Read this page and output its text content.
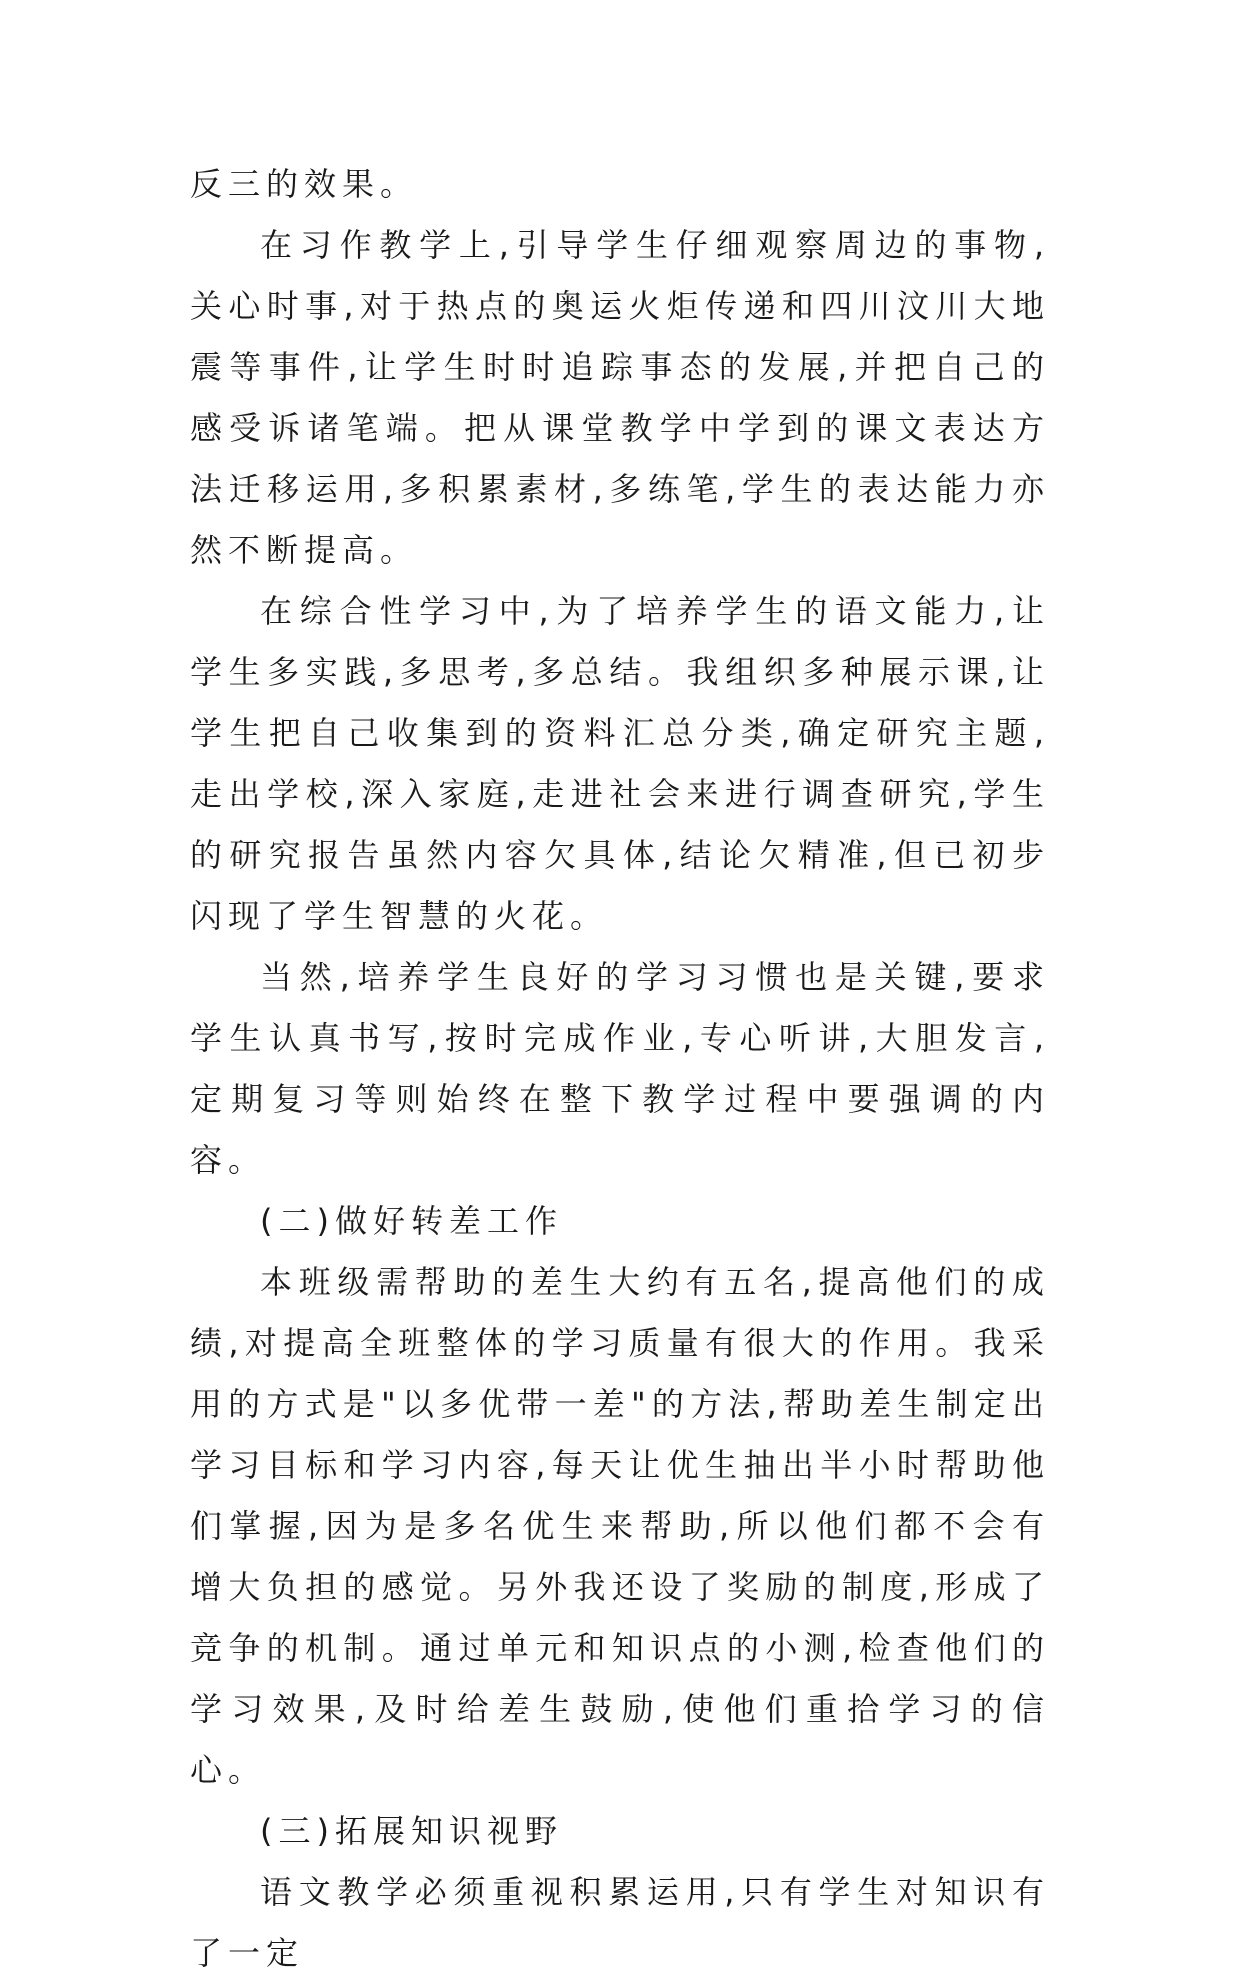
反三的效果。

在习作教学上,引导学生仔细观察周边的事物,关心时事,对于热点的奥运火炬传递和四川汶川大地震等事件,让学生时时追踪事态的发展,并把自己的感受诉诸笔端。把从课堂教学中学到的课文表达方法迁移运用,多积累素材,多练笔,学生的表达能力亦然不断提高。

在综合性学习中,为了培养学生的语文能力,让学生多实践,多思考,多总结。我组织多种展示课,让学生把自己收集到的资料汇总分类,确定研究主题,走出学校,深入家庭,走进社会来进行调查研究,学生的研究报告虽然内容欠具体,结论欠精准,但已初步闪现了学生智慧的火花。

当然,培养学生良好的学习习惯也是关键,要求学生认真书写,按时完成作业,专心听讲,大胆发言,定期复习等则始终在整下教学过程中要强调的内容。

(二)做好转差工作

本班级需帮助的差生大约有五名,提高他们的成绩,对提高全班整体的学习质量有很大的作用。我采用的方式是"以多优带一差"的方法,帮助差生制定出学习目标和学习内容,每天让优生抽出半小时帮助他们掌握,因为是多名优生来帮助,所以他们都不会有增大负担的感觉。另外我还设了奖励的制度,形成了竞争的机制。通过单元和知识点的小测,检查他们的学习效果,及时给差生鼓励,使他们重拾学习的信心。

(三)拓展知识视野

语文教学必须重视积累运用,只有学生对知识有了一定
